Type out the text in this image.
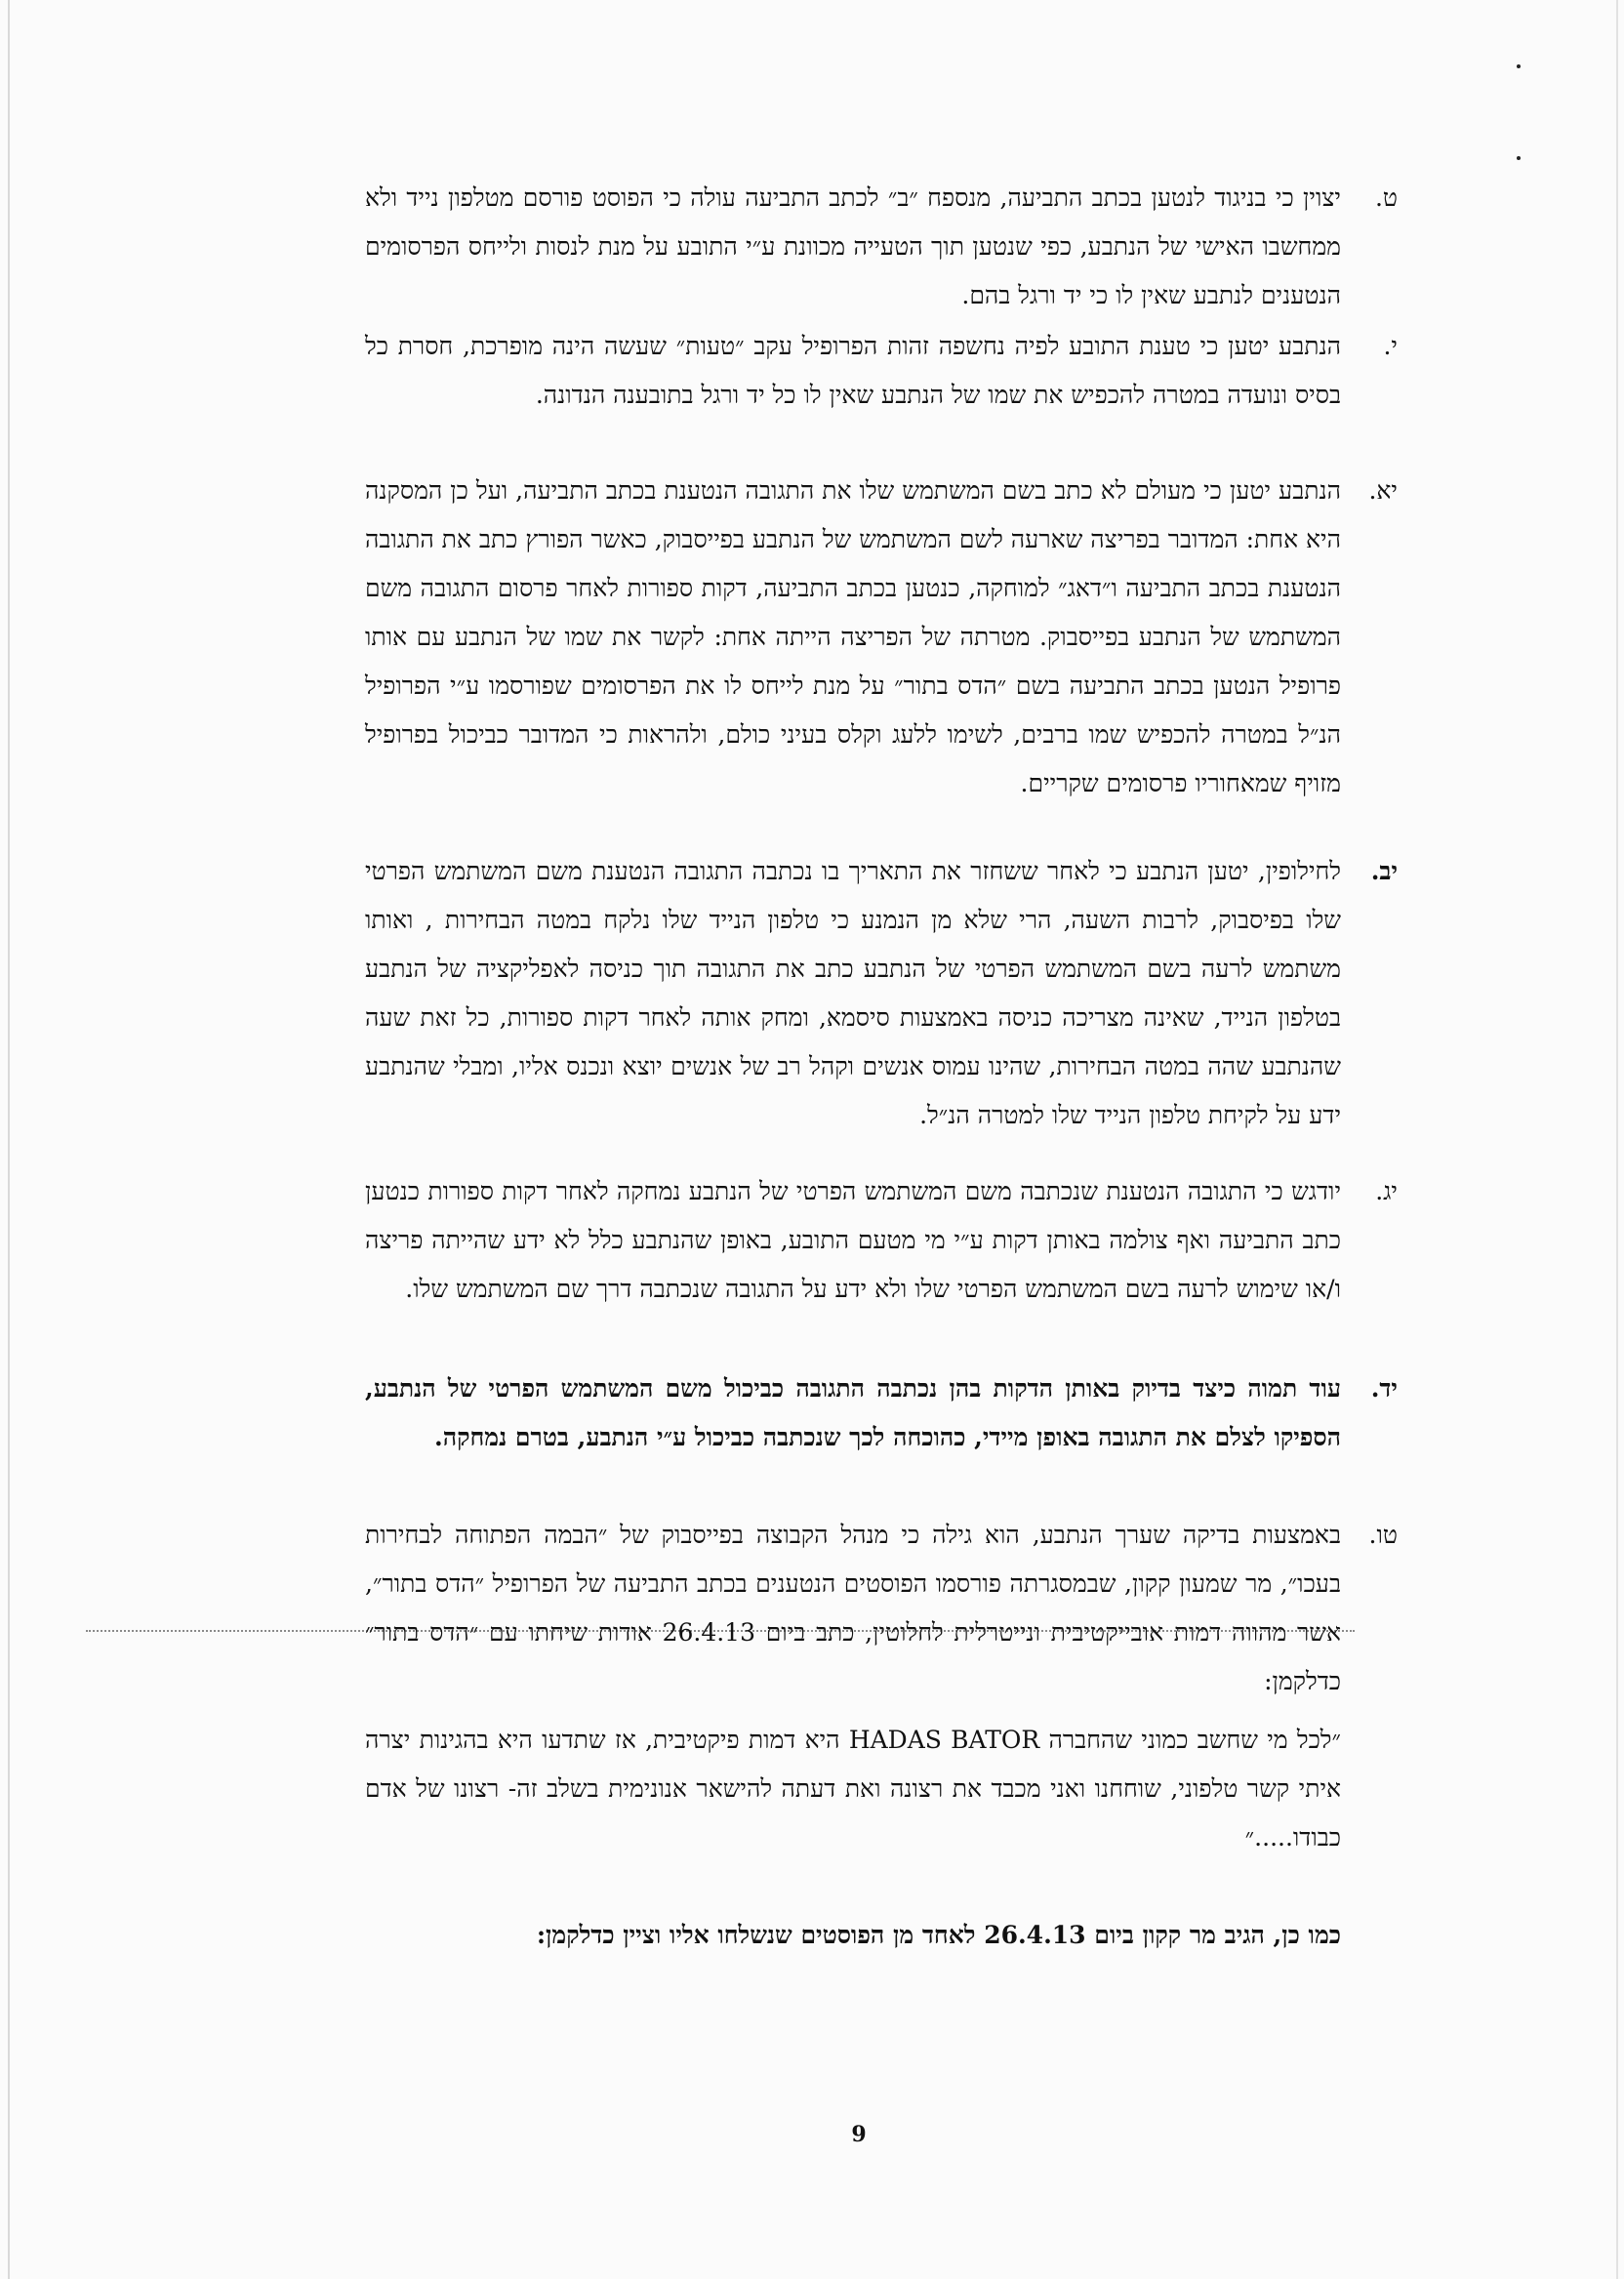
ט.
יצוין כי בניגוד לנטען בכתב התביעה, מנספח ״ב״ לכתב התביעה עולה כי הפוסט פורסם מטלפון נייד ולא ממחשבו האישי של הנתבע, כפי שנטען תוך הטעייה מכוונת ע״י התובע על מנת לנסות ולייחס הפרסומים הנטענים לנתבע שאין לו כי יד ורגל בהם.
י.
הנתבע יטען כי טענת התובע לפיה נחשפה זהות הפרופיל עקב ״טעות״ שעשה הינה מופרכת, חסרת כל בסיס ונועדה במטרה להכפיש את שמו של הנתבע שאין לו כל יד ורגל בתובענה הנדונה.
יא.
הנתבע יטען כי מעולם לא כתב בשם המשתמש שלו את התגובה הנטענת בכתב התביעה, ועל כן המסקנה היא אחת: המדובר בפריצה שארעה לשם המשתמש של הנתבע בפייסבוק, כאשר הפורץ כתב את התגובה הנטענת בכתב התביעה ו״דאג״ למוחקה, כנטען בכתב התביעה, דקות ספורות לאחר פרסום התגובה משם המשתמש של הנתבע בפייסבוק. מטרתה של הפריצה הייתה אחת: לקשר את שמו של הנתבע עם אותו פרופיל הנטען בכתב התביעה בשם ״הדס בתור״ על מנת לייחס לו את הפרסומים שפורסמו ע״י הפרופיל הנ״ל במטרה להכפיש שמו ברבים, לשימו ללעג וקלס בעיני כולם, ולהראות כי המדובר כביכול בפרופיל מזויף שמאחוריו פרסומים שקריים.
יב.
לחילופין, יטען הנתבע כי לאחר ששחזר את התאריך בו נכתבה התגובה הנטענת משם המשתמש הפרטי שלו בפיסבוק, לרבות השעה, הרי שלא מן הנמנע כי טלפון הנייד שלו נלקח במטה הבחירות , ואותו משתמש לרעה בשם המשתמש הפרטי של הנתבע כתב את התגובה תוך כניסה לאפליקציה של הנתבע בטלפון הנייד, שאינה מצריכה כניסה באמצעות סיסמא, ומחק אותה לאחר דקות ספורות, כל זאת שעה שהנתבע שהה במטה הבחירות, שהינו עמוס אנשים וקהל רב של אנשים יוצא ונכנס אליו, ומבלי שהנתבע ידע על לקיחת טלפון הנייד שלו למטרה הנ״ל.
יג.
יודגש כי התגובה הנטענת שנכתבה משם המשתמש הפרטי של הנתבע נמחקה לאחר דקות ספורות כנטען כתב התביעה ואף צולמה באותן דקות ע״י מי מטעם התובע, באופן שהנתבע כלל לא ידע שהייתה פריצה ו/או שימוש לרעה בשם המשתמש הפרטי שלו ולא ידע על התגובה שנכתבה דרך שם המשתמש שלו.
יד.
עוד תמוה כיצד בדיוק באותן הדקות בהן נכתבה התגובה כביכול משם המשתמש הפרטי של הנתבע, הספיקו לצלם את התגובה באופן מיידי, כהוכחה לכך שנכתבה כביכול ע״י הנתבע, בטרם נמחקה.
טו.
באמצעות בדיקה שערך הנתבע, הוא גילה כי מנהל הקבוצה בפייסבוק של ״הבמה הפתוחה לבחירות בעכו״, מר שמעון קקון, שבמסגרתה פורסמו הפוסטים הנטענים בכתב התביעה של הפרופיל ״הדס בתור״, אשר מהווה דמות אובייקטיבית ונייטרלית לחלוטין, כתב ביום 26.4.13 אודות שיחתו עם ״הדס בתור״ כדלקמן:
״לכל מי שחשב כמוני שהחברה HADAS BATOR היא דמות פיקטיבית, אז שתדעו היא בהגינות יצרה איתי קשר טלפוני, שוחחנו ואני מכבד את רצונה ואת דעתה להישאר אנונימית בשלב זה- רצונו של אדם כבודו.....״
כמו כן, הגיב מר קקון ביום 26.4.13 לאחד מן הפוסטים שנשלחו אליו וציין כדלקמן:
9
